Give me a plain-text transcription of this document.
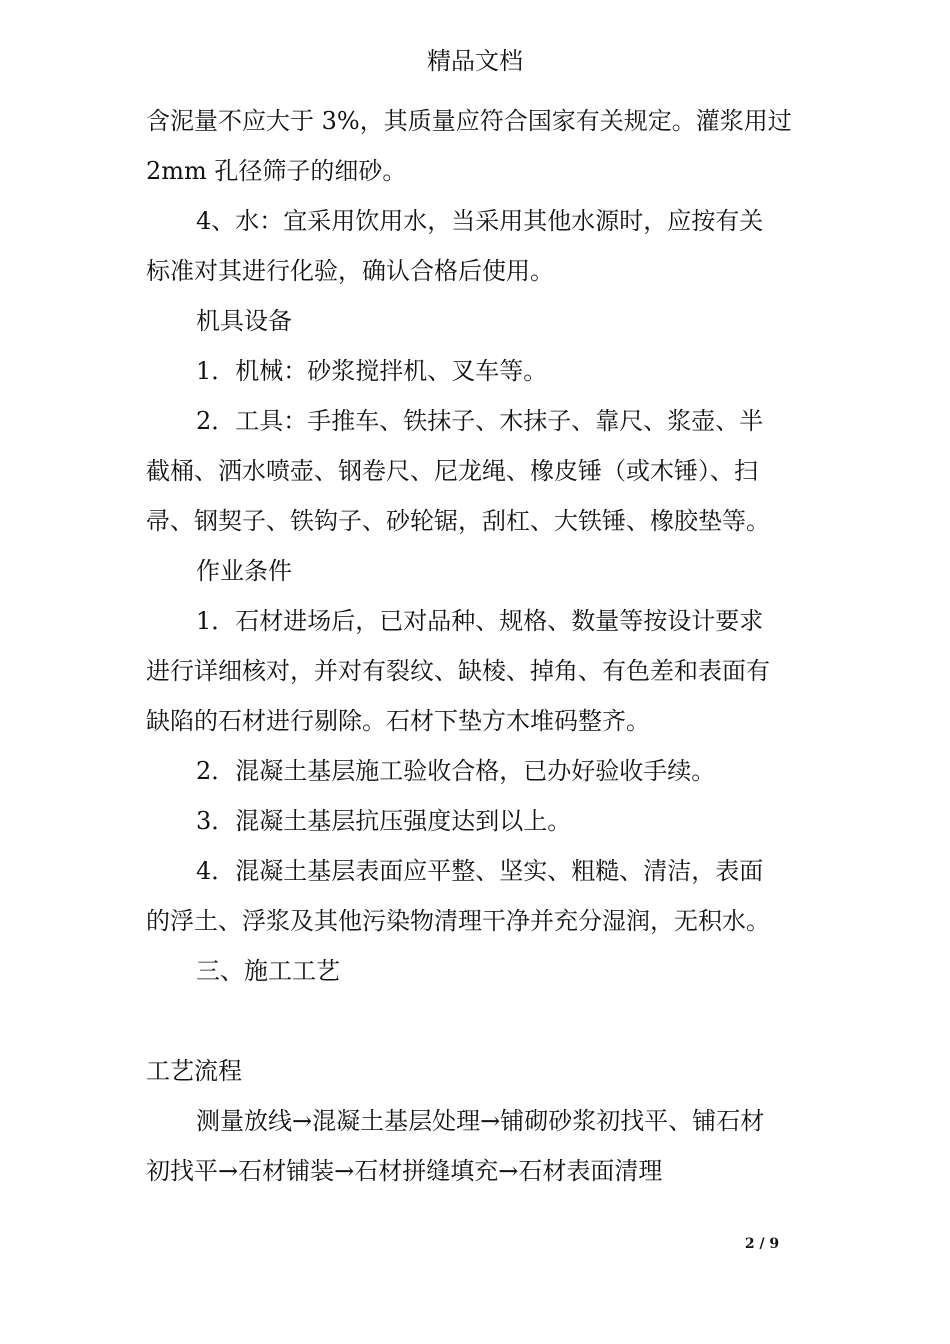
精品文档
含泥量不应大于 3%，其质量应符合国家有关规定。灌浆用过
2mm 孔径筛子的细砂。
4、水：宜采用饮用水，当采用其他水源时，应按有关
标准对其进行化验，确认合格后使用。
机具设备
1．机械：砂浆搅拌机、叉车等。
2．工具：手推车、铁抹子、木抹子、靠尺、浆壶、半
截桶、洒水喷壶、钢卷尺、尼龙绳、橡皮锤（或木锤）、扫
帚、钢契子、铁钩子、砂轮锯，刮杠、大铁锤、橡胶垫等。
作业条件
1．石材进场后，已对品种、规格、数量等按设计要求
进行详细核对，并对有裂纹、缺棱、掉角、有色差和表面有
缺陷的石材进行剔除。石材下垫方木堆码整齐。
2．混凝土基层施工验收合格，已办好验收手续。
3．混凝土基层抗压强度达到以上。
4．混凝土基层表面应平整、坚实、粗糙、清洁，表面
的浮土、浮浆及其他污染物清理干净并充分湿润，无积水。
三、施工工艺
工艺流程
测量放线→混凝土基层处理→铺砌砂浆初找平、铺石材
初找平→石材铺装→石材拼缝填充→石材表面清理
2 / 9
